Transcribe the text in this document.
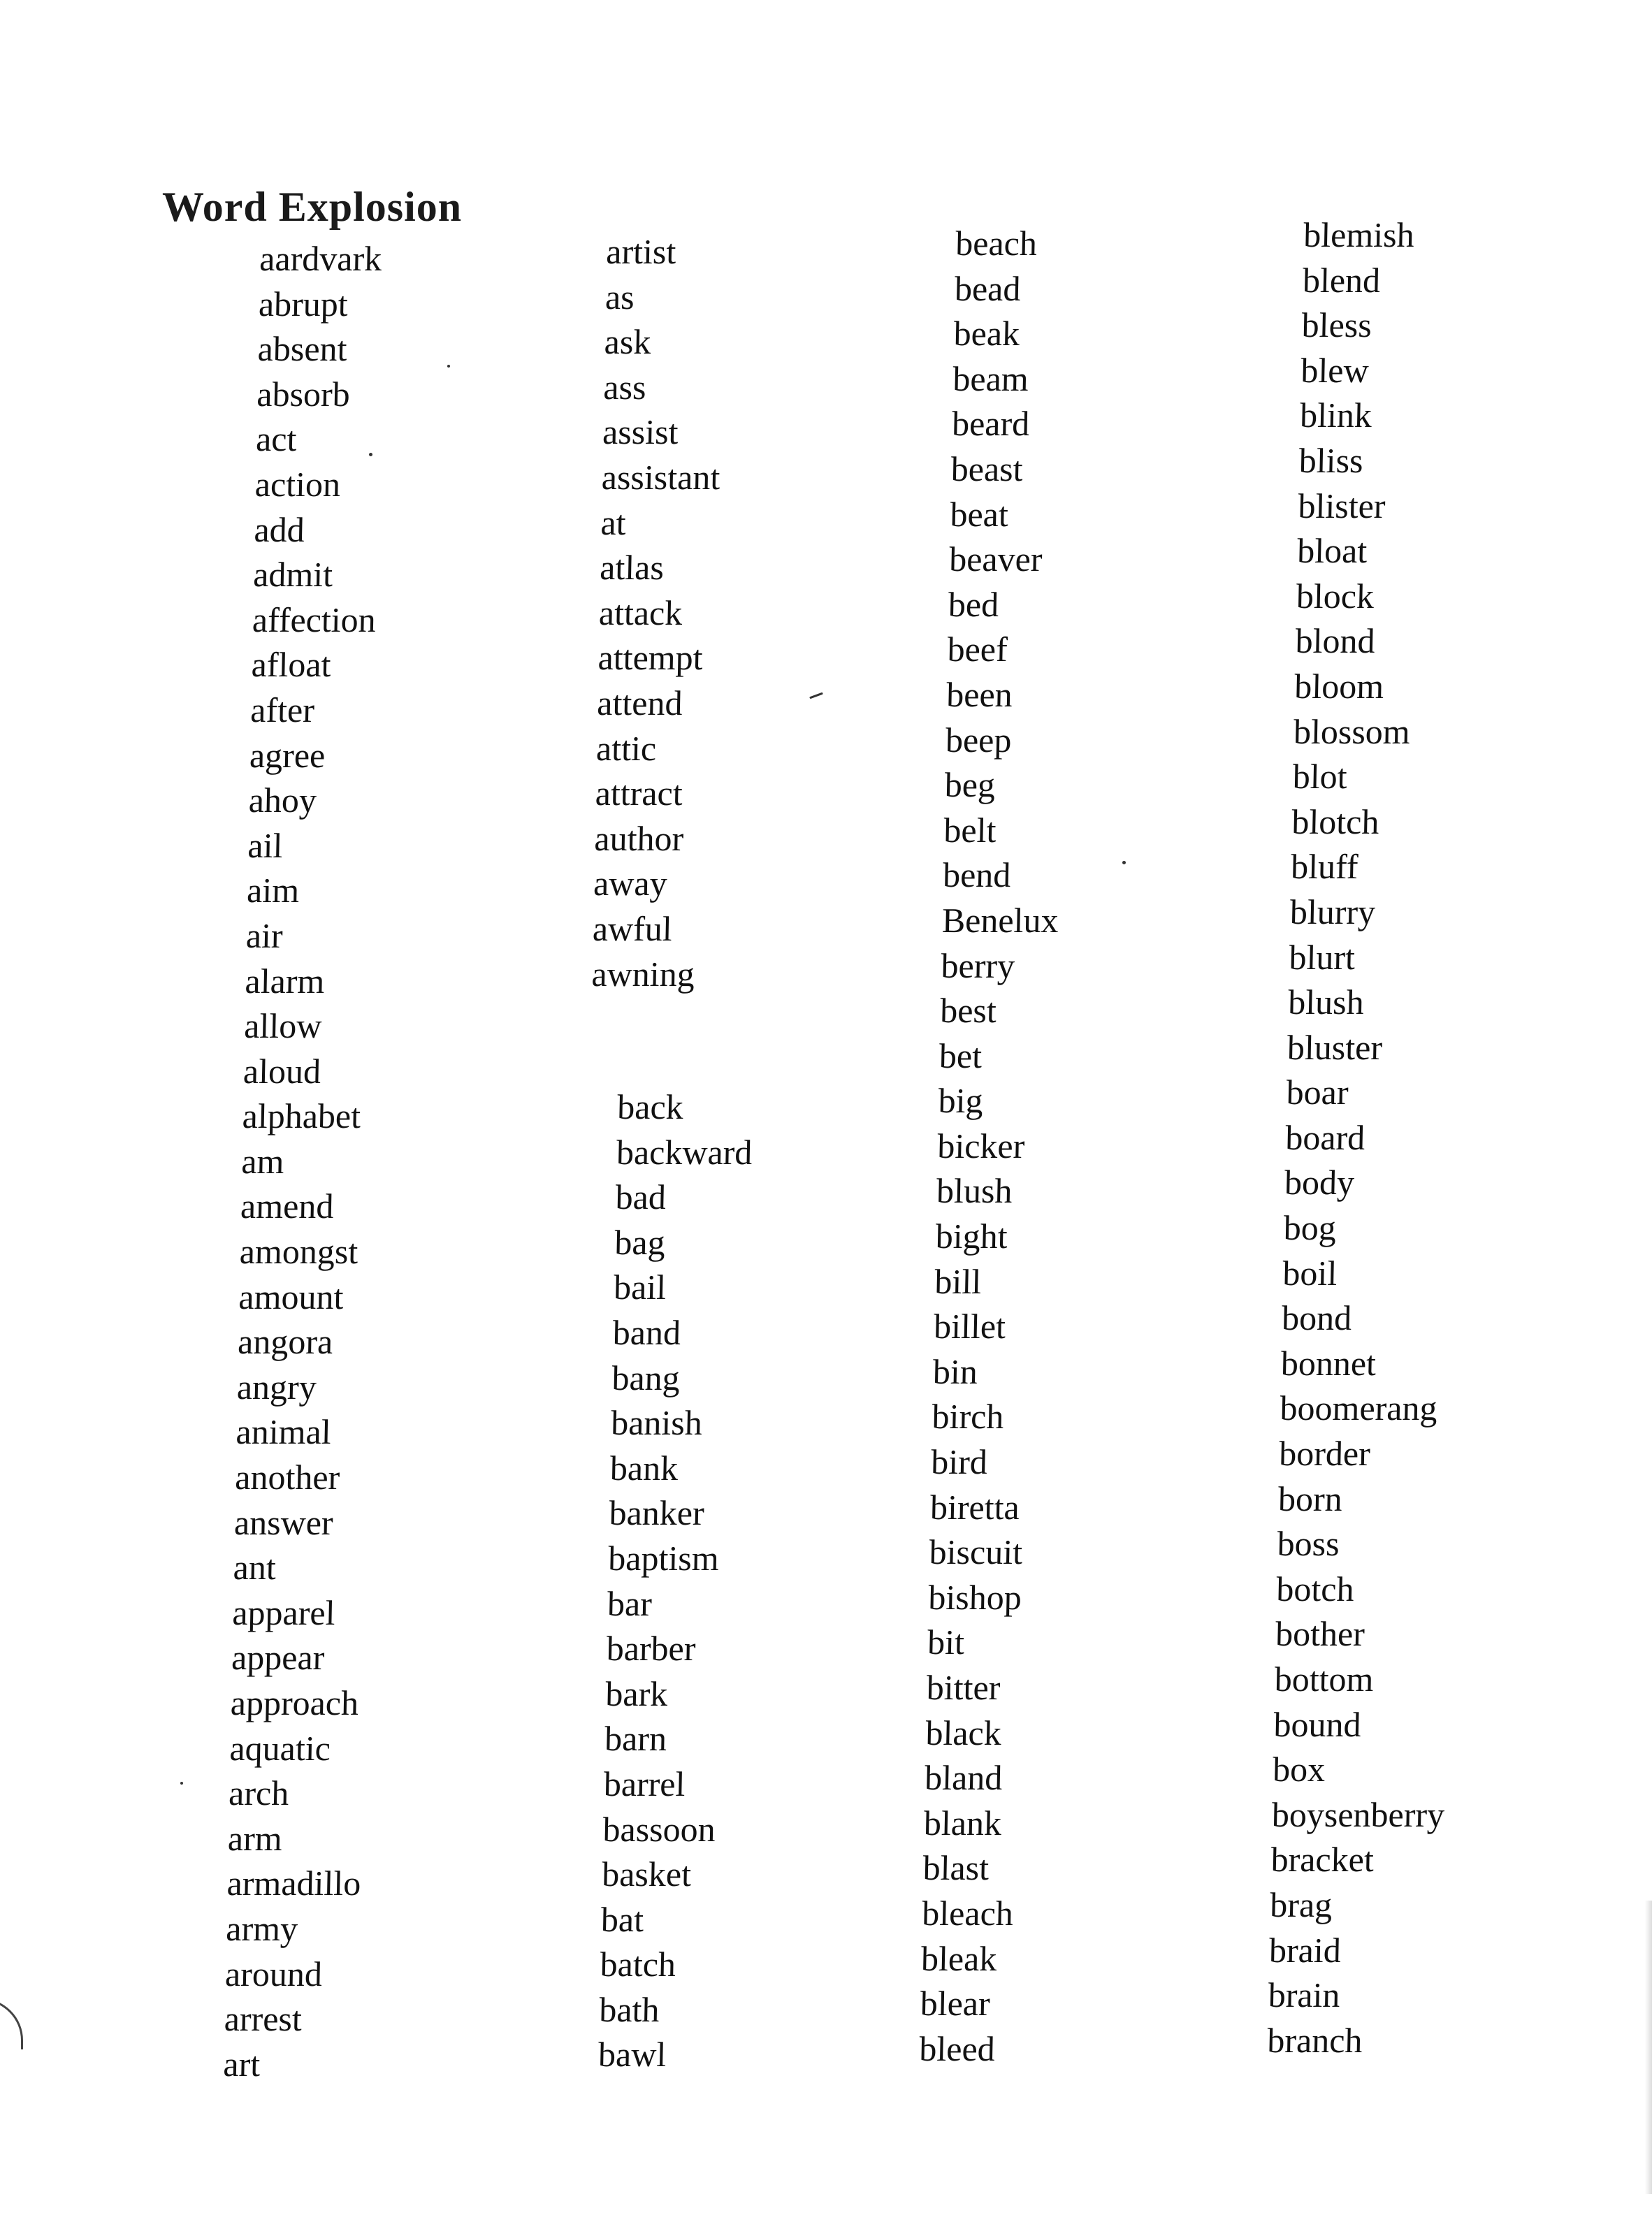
Word Explosion
aardvark
abrupt
absent
absorb
act
action
add
admit
affection
afloat
after
agree
ahoy
ail
aim
air
alarm
allow
aloud
alphabet
am
amend
amongst
amount
angora
angry
animal
another
answer
ant
apparel
appear
approach
aquatic
arch
arm
armadillo
army
around
arrest
art
artist
as
ask
ass
assist
assistant
at
atlas
attack
attempt
attend
attic
attract
author
away
awful
awning
back
backward
bad
bag
bail
band
bang
banish
bank
banker
baptism
bar
barber
bark
barn
barrel
bassoon
basket
bat
batch
bath
bawl
beach
bead
beak
beam
beard
beast
beat
beaver
bed
beef
been
beep
beg
belt
bend
Benelux
berry
best
bet
big
bicker
blush
bight
bill
billet
bin
birch
bird
biretta
biscuit
bishop
bit
bitter
black
bland
blank
blast
bleach
bleak
blear
bleed
blemish
blend
bless
blew
blink
bliss
blister
bloat
block
blond
bloom
blossom
blot
blotch
bluff
blurry
blurt
blush
bluster
boar
board
body
bog
boil
bond
bonnet
boomerang
border
born
boss
botch
bother
bottom
bound
box
boysenberry
bracket
brag
braid
brain
branch
